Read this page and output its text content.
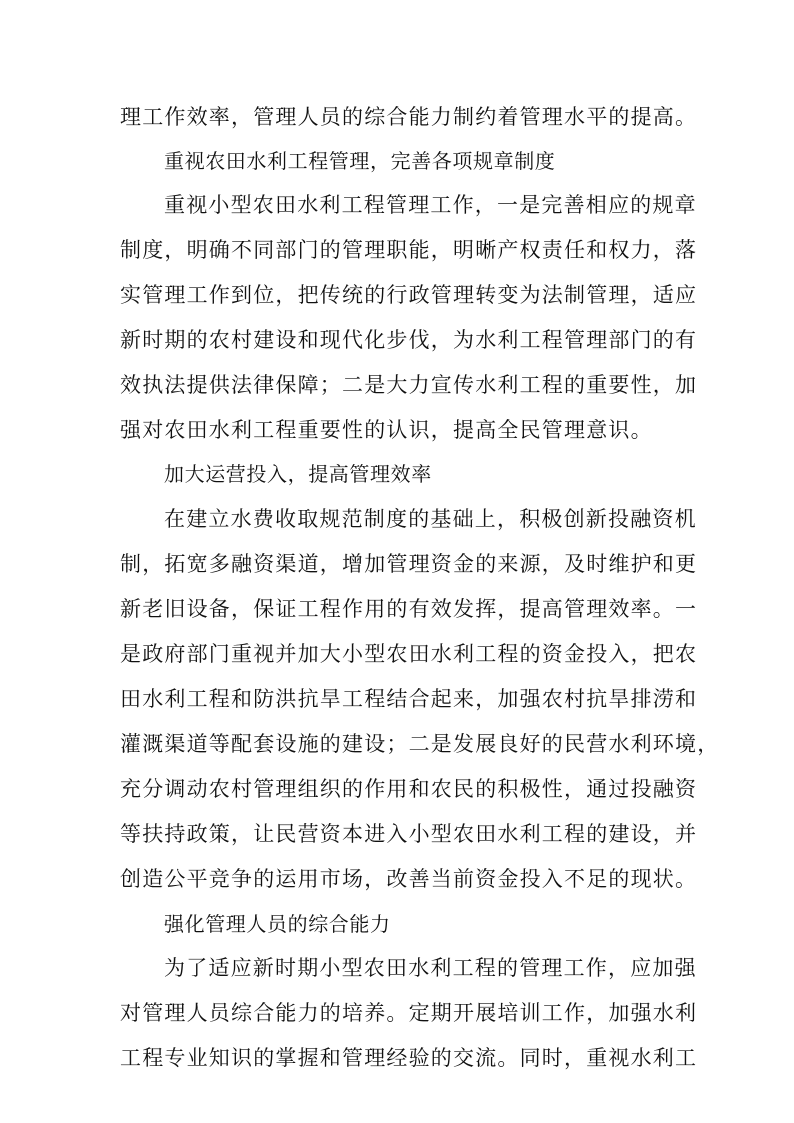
理工作效率，管理人员的综合能力制约着管理水平的提高。
重视农田水利工程管理，完善各项规章制度
重视小型农田水利工程管理工作，一是完善相应的规章
制度，明确不同部门的管理职能，明晰产权责任和权力，落
实管理工作到位，把传统的行政管理转变为法制管理，适应
新时期的农村建设和现代化步伐，为水利工程管理部门的有
效执法提供法律保障；二是大力宣传水利工程的重要性，加
强对农田水利工程重要性的认识，提高全民管理意识。
加大运营投入，提高管理效率
在建立水费收取规范制度的基础上，积极创新投融资机
制，拓宽多融资渠道，增加管理资金的来源，及时维护和更
新老旧设备，保证工程作用的有效发挥，提高管理效率。一
是政府部门重视并加大小型农田水利工程的资金投入，把农
田水利工程和防洪抗旱工程结合起来，加强农村抗旱排涝和
灌溉渠道等配套设施的建设；二是发展良好的民营水利环境，
充分调动农村管理组织的作用和农民的积极性，通过投融资
等扶持政策，让民营资本进入小型农田水利工程的建设，并
创造公平竞争的运用市场，改善当前资金投入不足的现状。
强化管理人员的综合能力
为了适应新时期小型农田水利工程的管理工作，应加强
对管理人员综合能力的培养。定期开展培训工作，加强水利
工程专业知识的掌握和管理经验的交流。同时，重视水利工
